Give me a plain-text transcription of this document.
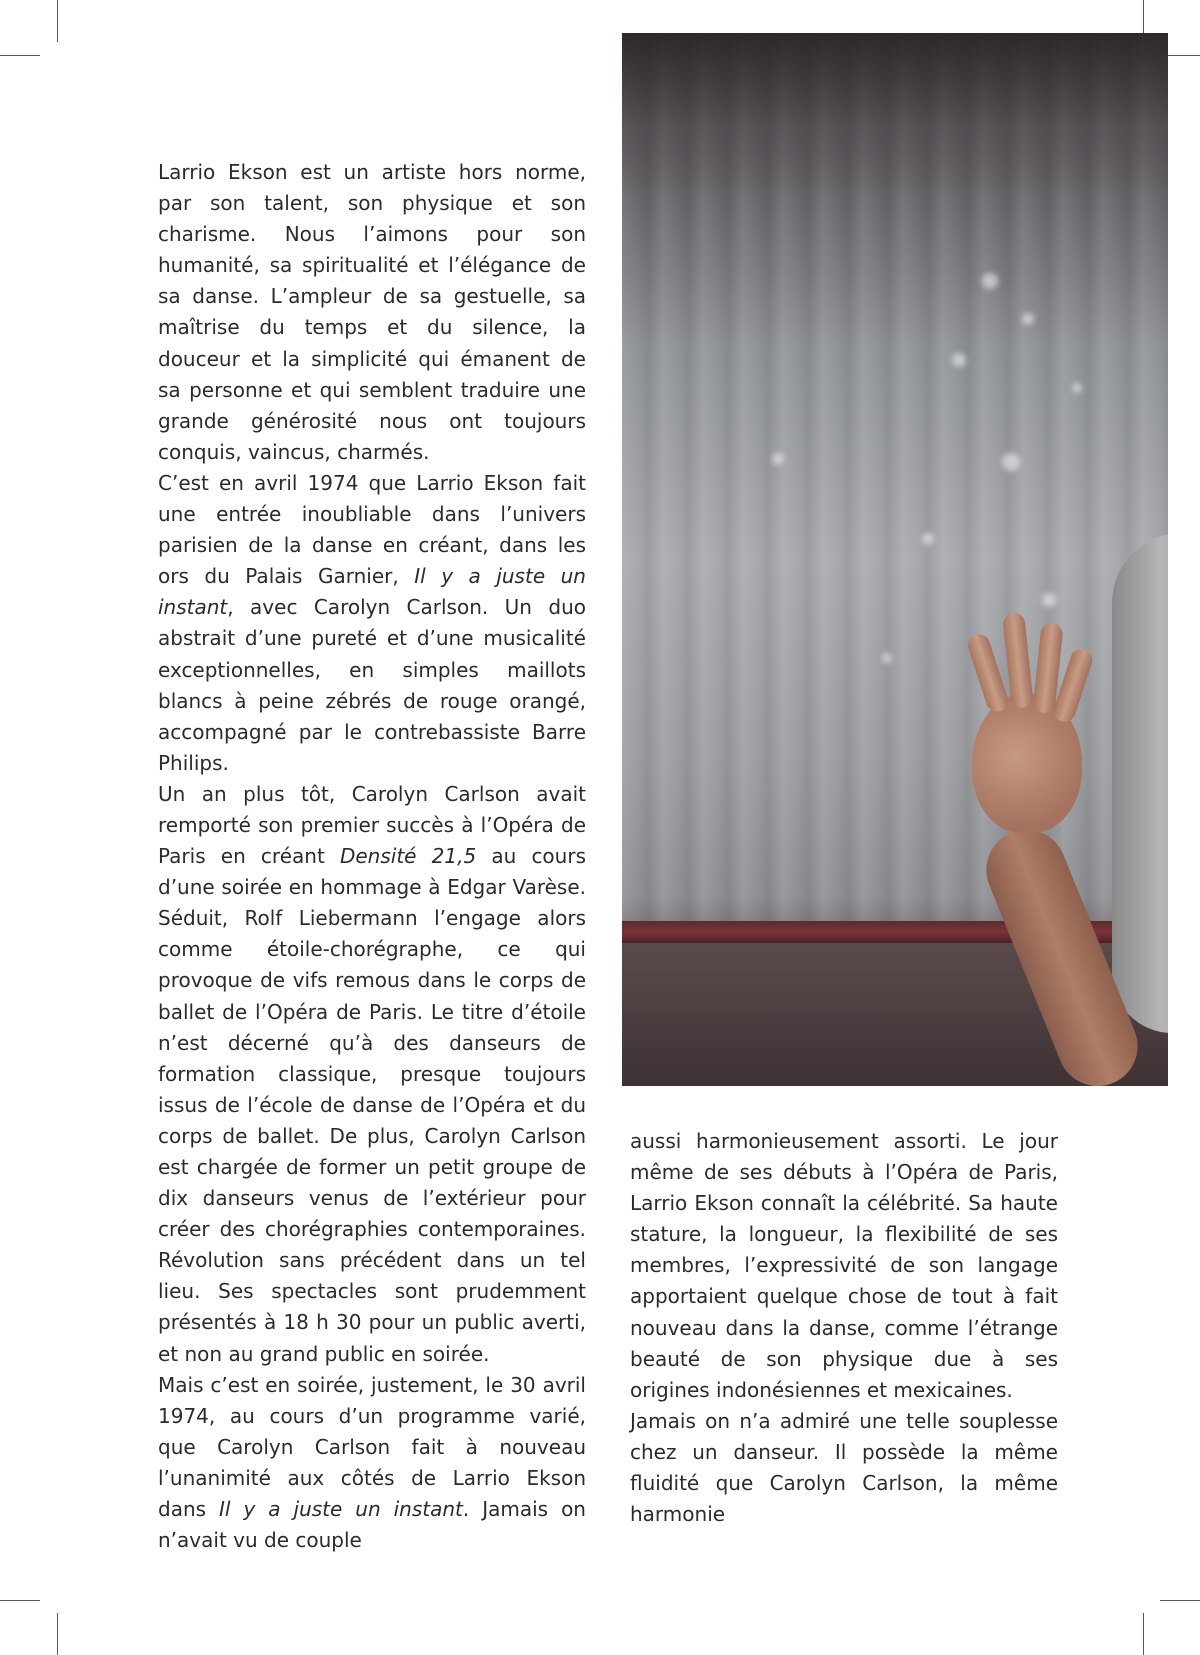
Larrio Ekson est un artiste hors norme, par son talent, son physique et son charisme. Nous l’aimons pour son humanité, sa spiritualité et l’élégance de sa danse. L’ampleur de sa gestuelle, sa maîtrise du temps et du silence, la douceur et la simplicité qui émanent de sa personne et qui semblent traduire une grande générosité nous ont toujours conquis, vaincus, charmés.

C’est en avril 1974 que Larrio Ekson fait une entrée inoubliable dans l’univers parisien de la danse en créant, dans les ors du Palais Garnier, Il y a juste un instant, avec Carolyn Carlson. Un duo abstrait d’une pureté et d’une musicalité exceptionnelles, en simples maillots blancs à peine zébrés de rouge orangé, accompagné par le contrebassiste Barre Philips.

Un an plus tôt, Carolyn Carlson avait remporté son premier succès à l’Opéra de Paris en créant Densité 21,5 au cours d’une soirée en hommage à Edgar Varèse. Séduit, Rolf Liebermann l’engage alors comme étoile-chorégraphe, ce qui provoque de vifs remous dans le corps de ballet de l’Opéra de Paris. Le titre d’étoile n’est décerné qu’à des danseurs de formation classique, presque toujours issus de l’école de danse de l’Opéra et du corps de ballet. De plus, Carolyn Carlson est chargée de former un petit groupe de dix danseurs venus de l’extérieur pour créer des chorégraphies contemporaines. Révolution sans précédent dans un tel lieu. Ses spectacles sont prudemment présentés à 18 h 30 pour un public averti, et non au grand public en soirée.

Mais c’est en soirée, justement, le 30 avril 1974, au cours d’un programme varié, que Carolyn Carlson fait à nouveau l’unanimité aux côtés de Larrio Ekson dans Il y a juste un instant. Jamais on n’avait vu de couple

aussi harmonieusement assorti. Le jour même de ses débuts à l’Opéra de Paris, Larrio Ekson connaît la célébrité. Sa haute stature, la longueur, la flexibilité de ses membres, l’expressivité de son langage apportaient quelque chose de tout à fait nouveau dans la danse, comme l’étrange beauté de son physique due à ses origines indonésiennes et mexicaines.

Jamais on n’a admiré une telle souplesse chez un danseur. Il possède la même fluidité que Carolyn Carlson, la même harmonie
